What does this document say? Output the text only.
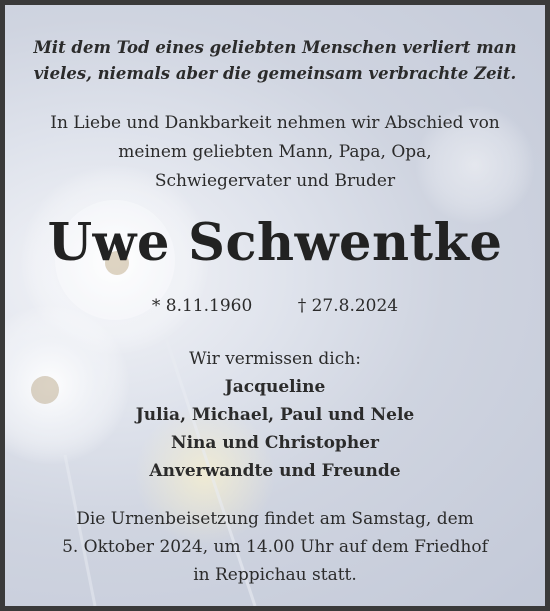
Mit dem Tod eines geliebten Menschen verliert man
vieles, niemals aber die gemeinsam verbrachte Zeit.
In Liebe und Dankbarkeit nehmen wir Abschied von
meinem geliebten Mann, Papa, Opa,
Schwiegervater und Bruder
Uwe Schwentke
* 8.11.1960	† 27.8.2024
Wir vermissen dich:
Jacqueline
Julia, Michael, Paul und Nele
Nina und Christopher
Anverwandte und Freunde
Die Urnenbeisetzung findet am Samstag, dem
5. Oktober 2024, um 14.00 Uhr auf dem Friedhof
in Reppichau statt.
